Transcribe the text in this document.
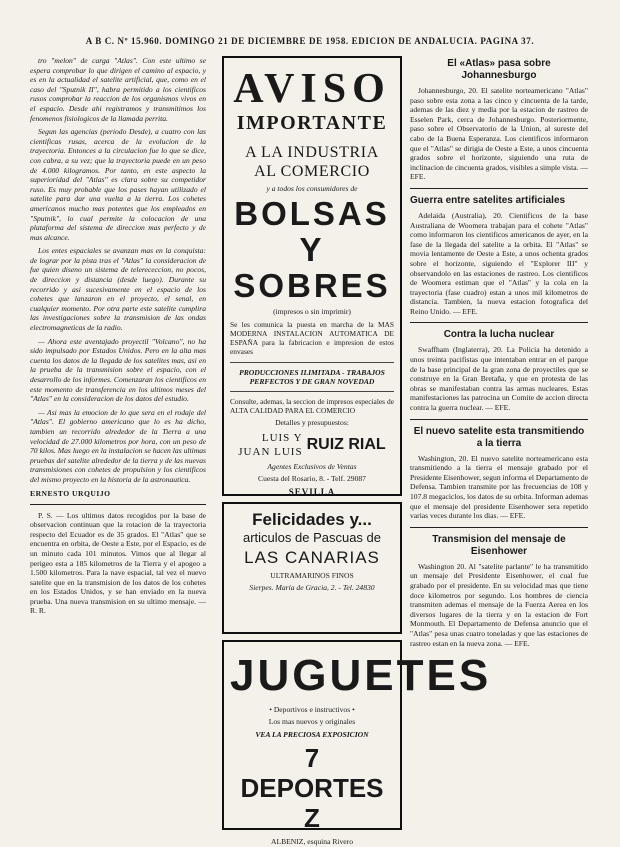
A B C. Nº 15.960. DOMINGO 21 DE DICIEMBRE DE 1958. EDICION DE ANDALUCIA. PAGINA 37.

tro "melon" de carga "Atlas". Con este ultimo se espera comprobar lo que dirigen el camino al espacio, y es en la actualidad el satelite artificial, que, como en el caso del "Sputnik II", habra permitido a los cientificos rusos comprobar la reaccion de los organismos vivos en el espacio. Desde ahi registramos y transmitimos los fenomenos fisiologicos de la llamada perrita.

Segun las agencias (periodo Desde), a cuatro con las cientificas rusas, acerca de la evolucion de la trayectoria. Entonces a la circulacion fue lo que se dice, con cabra, a su vez; que la trayectoria puede en un peso de 4.000 kilogramos. Por tanto, en este aspecto la superioridad del "Atlas" es clara sobre su competidor ruso. Es muy probable que los pases hayan utilizado el satelite para dar una vuelta a la tierra. Los cohetes americanos mucho mas potentes que los empleados en "Sputnik", lo cual permite la colocacion de una plataforma del sistema de direccion mas perfecto y de mas alcance.

Los entes espaciales se avanzan mas en la conquista: de lograr por la pista tras el "Atlas" la consideracion de fue quien diseno un sistema de telerececcion, no pocos, de direccion y distancia (desde luego). Durante su recorrido y asi sucesivamente en el espacio de los cohetes que lanzaron en el proyecto, el senal, en cualquier momento. Por otra parte este satelite cumplira las investigaciones sobre la transmision de las ondas electromagneticas de la radio.

— Ahora este aventajado proyectil "Volcano", no ha sido impulsado por Estados Unidos. Pero en la alta mas cuenta los datos de la llegada de los satelites mas, asi en la prueba de la transmision sobre el espacio, con el desarrollo de los informes. Comenzaran los cientificos en este momento de transferencia en los ultimos meses del "Atlas" en la consideracion de los datos del estudio.

— Asi mas la emocion de lo que sera en el rodaje del "Atlas". El gobierno americano que lo es ha dicho, tambien un recorrido alrededor de la Tierra a una velocidad de 27.000 kilometros por hora, con un peso de 70 kilos. Mas luego en la instalacion se hacen las ultimas pruebas del satelite alrededor de la tierra y de las nuevas transmisiones con cohetes de propulsion y los cientificos del mismo proyecto en la historia de la astronautica.

ERNESTO URQUIJO

P. S. — Los ultimos datos recogidos por la base de observacion continuan que la rotacion de la trayectoria respecto del Ecuador es de 35 grados. El "Atlas" que se encuentra en orbita, de Oeste a Este, por el Espacio, es de un minuto cada 101 minutos. Vimos que al llegar al perigeo esta a 185 kilometros de la Tierra y el apogeo a 1.500 kilometros. Para la nave espacial, tal vez el nuevo satelite que en la transmision de los datos de los cohetes en los Estados Unidos, y se han enviado en la nueva prueba. Una nueva transmision en su ultimo mensaje. — R. R.

AVISO
IMPORTANTE
A LA INDUSTRIA
AL COMERCIO
y a todos los consumidores de
BOLSAS
Y SOBRES
(impresos o sin imprimir)
Se les comunica la puesta en marcha de la MAS MODERNA INSTALACION AUTOMATICA DE ESPAÑA para la fabricacion e impresion de estos envases
PRODUCCIONES ILIMITADA - TRABAJOS PERFECTOS Y DE GRAN NOVEDAD
Consulte, ademas, la seccion de impresos especiales de ALTA CALIDAD PARA EL COMERCIO
Detalles y presupuestos:
LUIS Y
JUAN LUIS RUIZ RIAL
Agentes Exclusivos de Ventas
Cuesta del Rosario, 8. - Telf. 29087
SEVILLA
Felicidades y...
articulos de Pascuas de
LAS CANARIAS
ULTRAMARINOS FINOS
Sierpes. María de Gracia, 2. - Tel. 24830
JUGUETES
• Deportivos e instructivos •
Los mas nuevos y originales
VEA LA PRECIOSA EXPOSICION
7 DEPORTES Z
ALBENIZ, esquina Rivero
El «Atlas» pasa sobre Johannesburgo

Johannesburgo, 20. El satelite norteamericano "Atlas" paso sobre esta zona a las cinco y cincuenta de la tarde, ademas de las diez y media por la estacion de rastreo de Esselen Park, cerca de Johannesburgo. Posteriormente, paso sobre el Observatorio de la Union, al sureste del cabo de la Buena Esperanza. Los cientificos informaron que el "Atlas" se dirigia de Oeste a Este, a unos cincuenta grados sobre el horizonte, siguiendo una ruta de inclinacion de cincuenta grados, visibles a simple vista. — EFE.

Guerra entre satelites artificiales

Adelaida (Australia), 20. Cientificos de la base Australiana de Woomera trabajan para el cohete "Atlas" como informaron los cientificos americanos de ayer, en la fase de la llegada del satelite a la orbita. El "Atlas" se movia lentamente de Oeste a Este, a unos ochenta grados sobre el horizonte, siguiendo el "Explorer III" y observandolo en las estaciones de rastreo. Los cientificos de Woomera estiman que el "Atlas" y la cola en la trayectoria (fase cuadro) estan a unos mil kilometros de distancia. Tambien, la nueva estacion fotografica del Reino Unido. — EFE.

Contra la lucha nuclear

Swaffham (Inglaterra), 20. La Policia ha detenido a unos treinta pacifistas que intentaban entrar en el parque de la base principal de la gran zona de proyectiles que se construye en la Gran Bretaña, y que en protesta de las obras se manifestaban contra las armas nucleares. Estas manifestaciones las patrocina un Comite de accion directa contra la guerra nuclear. — EFE.

El nuevo satelite esta transmitiendo a la tierra

Washington, 20. El nuevo satelite norteamericano esta transmitiendo a la tierra el mensaje grabado por el Presidente Eisenhower, segun informa el Departamento de Defensa. Tambien transmite por las frecuencias de 108 y 107.8 megaciclos, los datos de su orbita. Informan ademas que el mensaje del presidente Eisenhower sera repetido varias veces durante los dias. — EFE.

Transmision del mensaje de Eisenhower

Washington 20. Al "satelite parlante" le ha transmitido un mensaje del Presidente Eisenhower, el cual fue grabado por el presidente. En su velocidad mas que tiene doce kilometros por segundo. Los hombres de ciencia transmiten ademas el mensaje de la Fuerza Aerea en los diversos lugares de la tierra y en la estacion de Fort Monmouth. El Departamento de Defensa anuncio que el "Atlas" pesa unas cuatro toneladas y que las estaciones de rastreo estan en la nueva zona. — EFE.
